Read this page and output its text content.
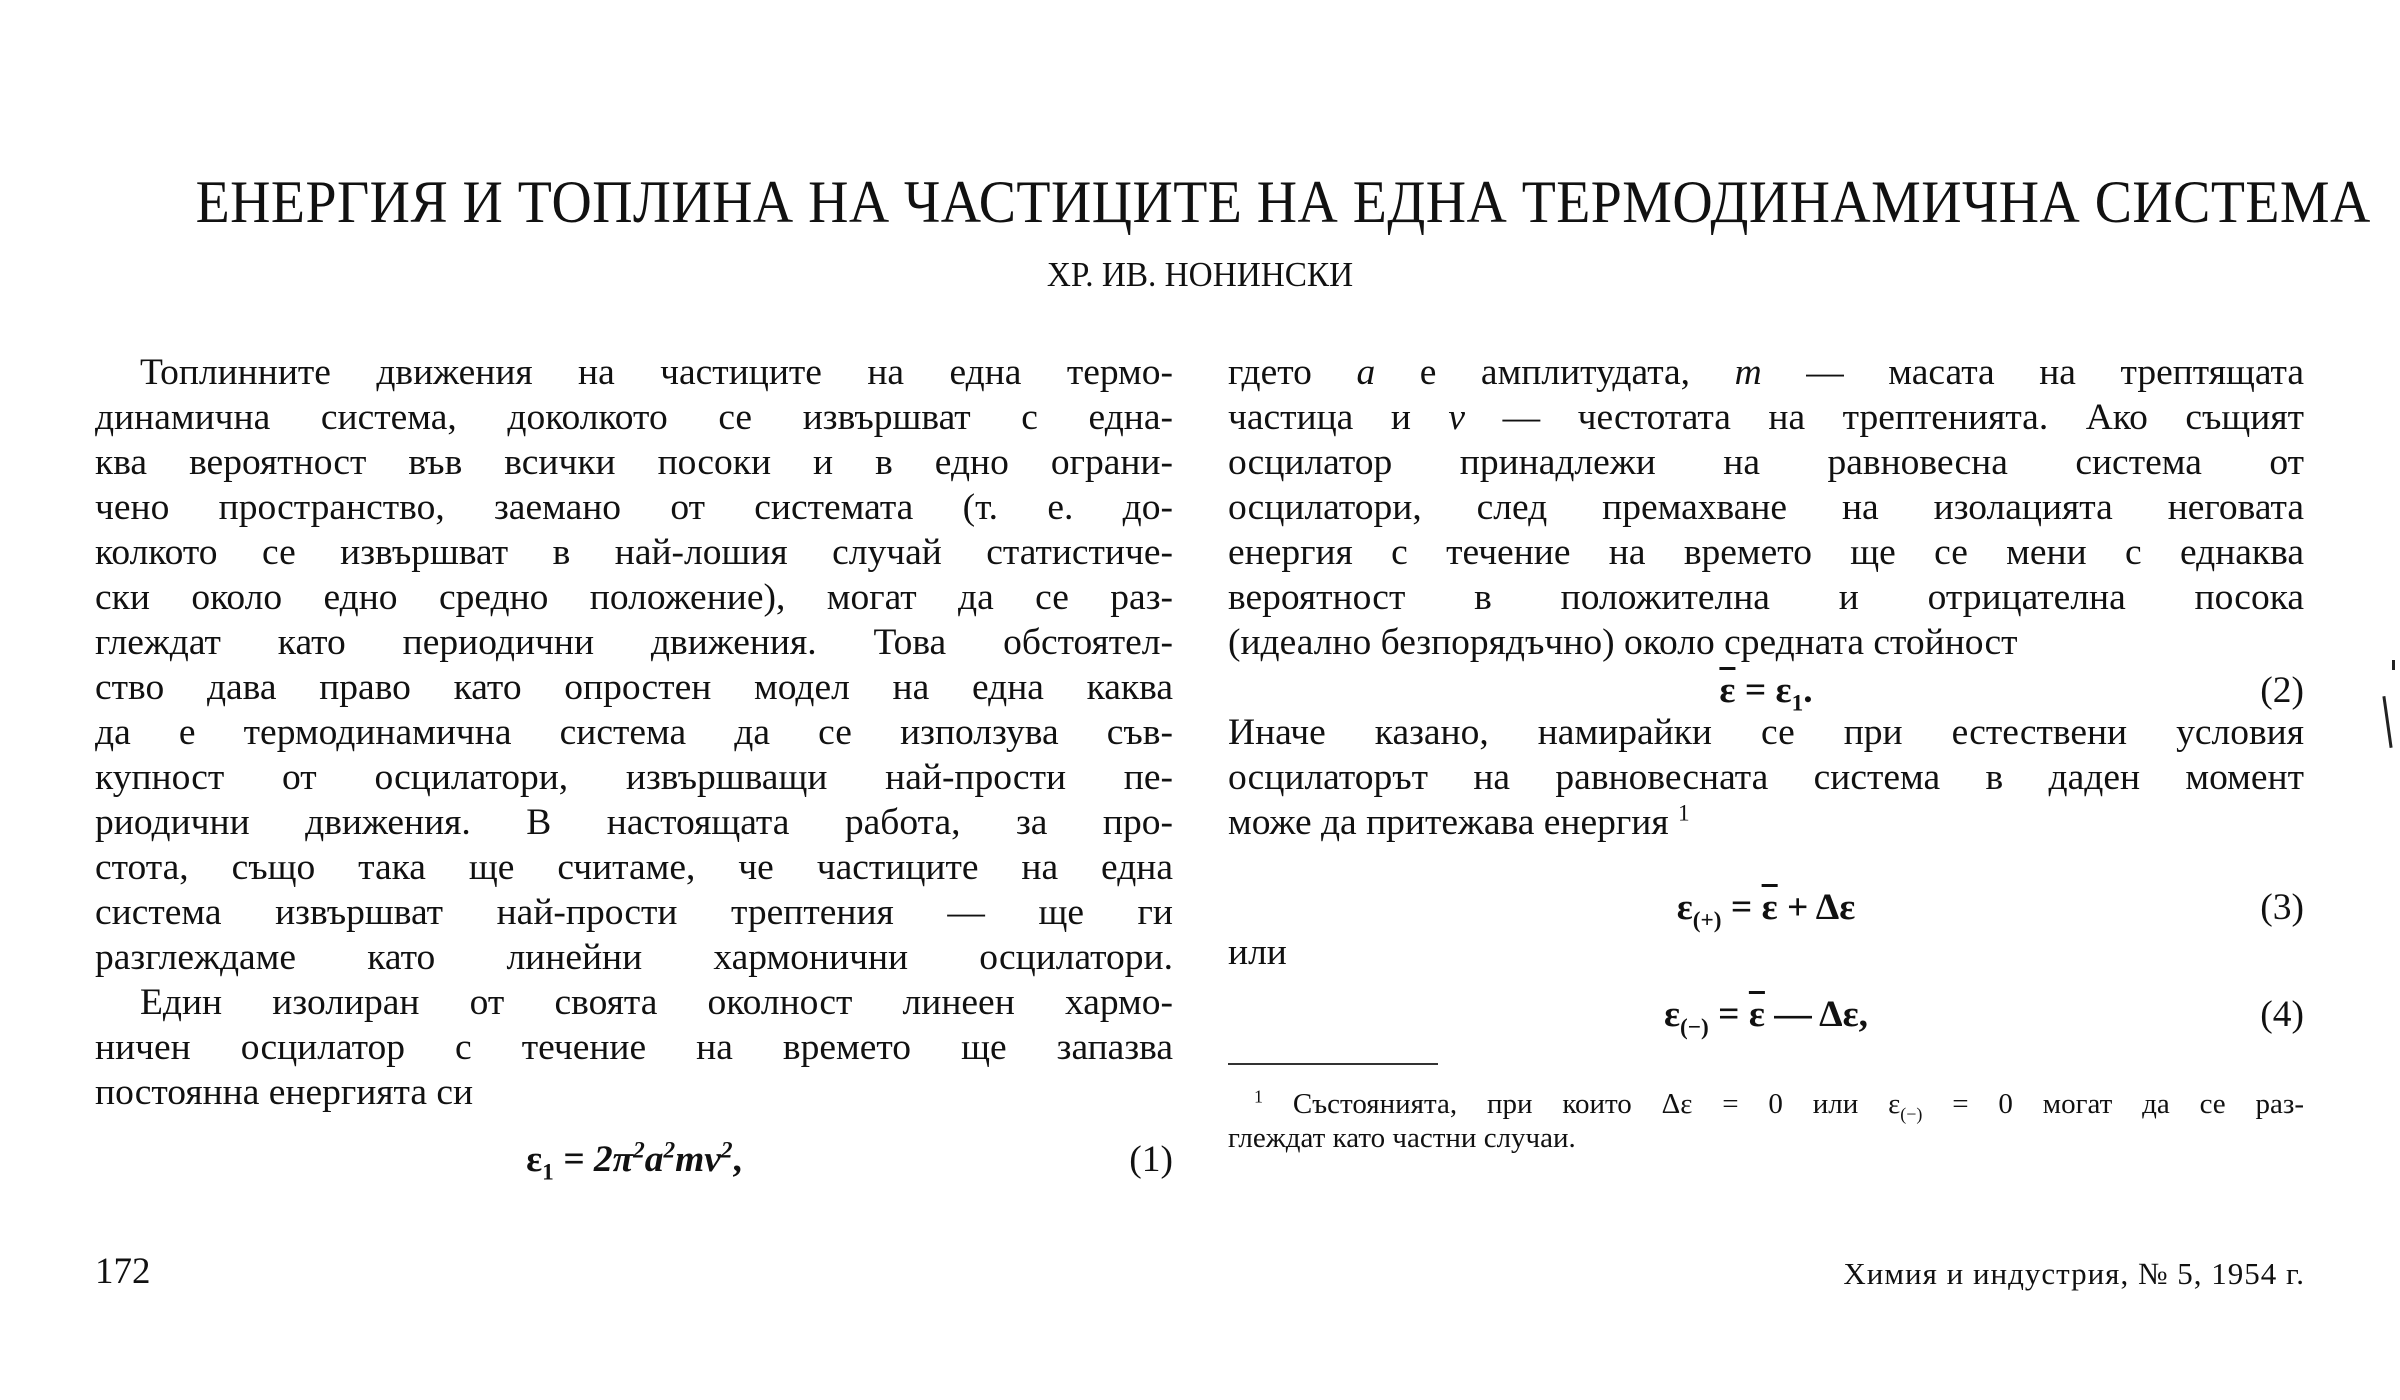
ЕНЕРГИЯ И ТОПЛИНА НА ЧАСТИЦИТЕ НА ЕДНА ТЕРМОДИНАМИЧНА СИСТЕМА
ХР. ИВ. НОНИНСКИ
Топлинните движения на частиците на една термо-
динамична система, доколкото се извършват с една-
ква вероятност във всички посоки и в едно ограни-
чено пространство, заемано от системата (т. е. до-
колкото се извършват в най-лошия случай статистиче-
ски около едно средно положение), могат да се раз-
глеждат като периодични движения. Това обстоятел-
ство дава право като опростен модел на една каква
да е термодинамична система да се използува съв-
купност от осцилатори, извършващи най-прости пе-
риодични движения. В настоящата работа, за про-
стота, също така ще считаме, че частиците на една
система извършват най-прости трептения — ще ги
разглеждаме като линейни хармонични осцилатори.
Един изолиран от своята околност линеен хармо-
ничен осцилатор с течение на времето ще запазва
постоянна енергията си
$\varepsilon_1 = 2\pi^2a^2m\nu^2$,	(1)
гдето a е амплитудата, m — масата на трептящата
частица и ν — честотата на трептенията. Ако същият
осцилатор принадлежи на равновесна система от
осцилатори, след премахване на изолацията неговата
енергия с течение на времето ще се мени с еднаква
вероятност в положителна и отрицателна посока
(идеално безпорядъчно) около средната стойност
$\overline{\varepsilon} = \varepsilon_1$.	(2)
Иначе казано, намирайки се при естествени условия
осцилаторът на равновесната система в даден момент
може да притежава енергия $^1$
$\varepsilon_{(+)} = \overline{\varepsilon} + \Delta\varepsilon$	(3)
или
$\varepsilon_{(-)} = \overline{\varepsilon}$ — Δε,	(4)
$^1$ Състоянията, при които Δε = 0 или $\varepsilon_{(-)} = 0$ могат да се раз-
глеждат като частни случаи.
172	Химия и индустрия, № 5, 1954 г.
